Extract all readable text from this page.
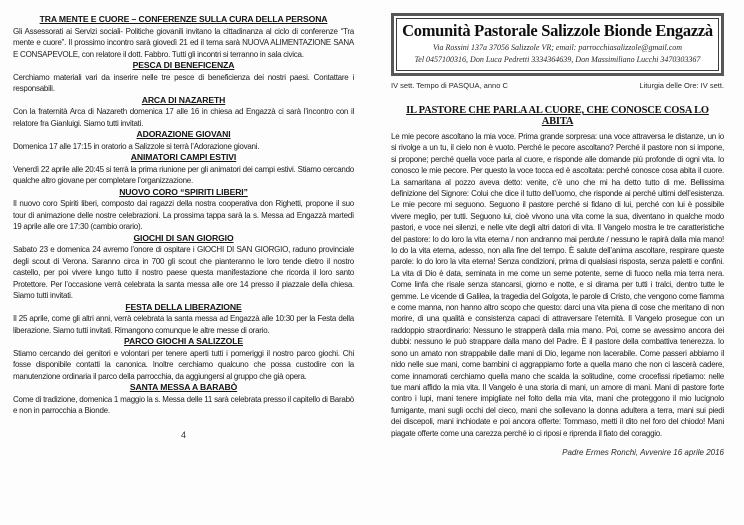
TRA MENTE E CUORE – CONFERENZE SULLA CURA DELLA PERSONA

Gli Assessorati ai Servizi sociali- Politiche giovanili invitano la cittadinanza al ciclo di conferenze “Tra mente e cuore”. Il prossimo incontro sarà giovedì 21 ed il tema sarà NUOVA ALIMENTAZIONE SANA E CONSAPEVOLE, con relatore il dott. Fabbro. Tutti gli incontri si terranno in sala civica.

PESCA DI BENEFICENZA

Cerchiamo materiali vari da inserire nelle tre pesce di beneficienza dei nostri paesi. Contattare i responsabili.

ARCA DI NAZARETH

Con la fraternità Arca di Nazareth domenica 17 alle 16 in chiesa ad Engazzà ci sarà l’incontro con il relatore fra Gianluigi. Siamo tutti invitati.

ADORAZIONE GIOVANI

Domenica 17 alle 17:15 in oratorio a Salizzole si terrà l’Adorazione giovani.

ANIMATORI CAMPI ESTIVI

Venerdì 22 aprile alle 20:45 si terrà la prima riunione per gli animatori dei campi estivi. Stiamo cercando qualche altro giovane per completare l’organizzazione.

NUOVO CORO “SPIRITI LIBERI”

Il nuovo coro Spiriti liberi, composto dai ragazzi della nostra cooperativa don Righetti, propone il suo tour di animazione delle nostre celebrazioni. La prossima tappa sarà la s. Messa ad Engazzà martedì 19 aprile alle ore 17:30 (cambio orario).

GIOCHI DI SAN GIORGIO

Sabato 23 e domenica 24 avremo l’onore di ospitare i GIOCHI DI SAN GIORGIO, raduno provinciale degli scout di Verona. Saranno circa in 700 gli scout che pianteranno le loro tende dietro il nostro castello, per poi vivere lungo tutto il nostro paese questa manifestazione che ricorda il loro santo Protettore. Per l’occasione verrà celebrata la santa messa alle ore 14 presso il piazzale della chiesa. Siamo tutti invitati.

FESTA DELLA LIBERAZIONE

Il 25 aprile, come gli altri anni, verrà celebrata la santa messa ad Engazzà alle 10:30 per la Festa della liberazione. Siamo tutti invitati. Rimangono comunque le altre messe di orario.

PARCO GIOCHI A SALIZZOLE

Stiamo cercando dei genitori e volontari per tenere aperti tutti i pomeriggi il nostro parco giochi. Chi fosse disponibile contatti la canonica. Inoltre cerchiamo qualcuno che possa custodire con la manutenzione ordinaria il parco della parrocchia, da aggiungersi al gruppo che già opera.

SANTA MESSA A BARABÒ

Come di tradizione, domenica 1 maggio la s. Messa delle 11 sarà celebrata presso il capitello di Barabò e non in parrocchia a Bionde.

4
Comunità Pastorale Salizzole Bionde Engazzà

Via Rossini 137a 37056 Salizzole VR; email: parrocchiasalizzole@gmail.com

Tel 0457100316, Don Luca Pedretti 3334364639, Don Massimiliano Lucchi 3470303367

IV sett. Tempo di PASQUA, anno C	Liturgia delle Ore: IV sett.
IL PASTORE CHE PARLA AL CUORE, CHE CONOSCE COSA LO ABITA

Le mie pecore ascoltano la mia voce. Prima grande sorpresa: una voce attraversa le distanze, un io si rivolge a un tu, il cielo non è vuoto. Perché le pecore ascoltano? Perché il pastore non si impone, si propone; perché quella voce parla al cuore, e risponde alle domande più profonde di ogni vita. Io conosco le mie pecore. Per questo la voce tocca ed è ascoltata: perché conosce cosa abita il cuore. La samaritana al pozzo aveva detto: venite, c’è uno che mi ha detto tutto di me. Bellissima definizione del Signore: Colui che dice il tutto dell’uomo, che risponde ai perché ultimi dell’esistenza. Le mie pecore mi seguono. Seguono il pastore perché si fidano di lui, perché con lui è possibile vivere meglio, per tutti. Seguono lui, cioè vivono una vita come la sua, diventano in qualche modo pastori, e voce nei silenzi, e nelle vite degli altri datori di vita. Il Vangelo mostra le tre caratteristiche del pastore: Io do loro la vita eterna / non andranno mai perdute / nessuno le rapirà dalla mia mano! Io do la vita eterna, adesso, non alla fine del tempo. È salute dell’anima ascoltare, respirare queste parole: Io do loro la vita eterna! Senza condizioni, prima di qualsiasi risposta, senza paletti e confini. La vita di Dio è data, seminata in me come un seme potente, seme di fuoco nella mia terra nera. Come linfa che risale senza stancarsi, giorno e notte, e si dirama per tutti i tralci, dentro tutte le gemme. Le vicende di Galilea, la tragedia del Golgota, le parole di Cristo, che vengono come fiamma e come manna, non hanno altro scopo che questo: darci una vita piena di cose che meritano di non morire, di una qualità e consistenza capaci di attraversare l’eternità. Il Vangelo prosegue con un raddoppio straordinario: Nessuno le strapperà dalla mia mano. Poi, come se avessimo ancora dei dubbi: nessuno le può strappare dalla mano del Padre. È il pastore della combattiva tenerezza. Io sono un amato non strappabile dalle mani di Dio, legame non lacerabile. Come passeri abbiamo il nido nelle sue mani, come bambini ci aggrappiamo forte a quella mano che non ci lascerà cadere, come innamorati cerchiamo quella mano che scalda la solitudine, come crocefissi ripetiamo: nelle tue mani affido la mia vita. Il Vangelo è una storia di mani, un amore di mani. Mani di pastore forte contro i lupi, mani tenere impigliate nel folto della mia vita, mani che proteggono il mio lucignolo fumigante, mani sugli occhi del cieco, mani che sollevano la donna adultera a terra, mani sui piedi dei discepoli, mani inchiodate e poi ancora offerte: Tommaso, metti il dito nel foro del chiodo! Mani piagate offerte come una carezza perché io ci riposi e riprenda il fiato del coraggio.

Padre Ermes Ronchi, Avvenire 16 aprile 2016
